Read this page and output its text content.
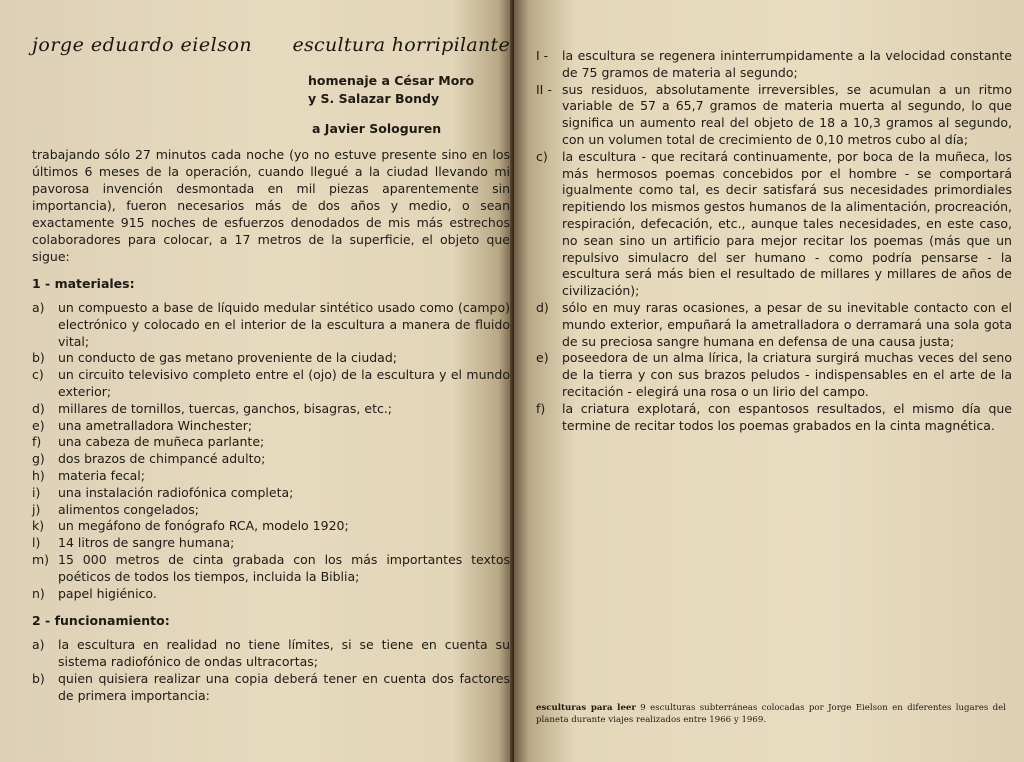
jorge eduardo eielson	escultura horripilante
homenaje a César Moro
y S. Salazar Bondy
a Javier Sologuren
trabajando sólo 27 minutos cada noche (yo no estuve presente sino en los últimos 6 meses de la operación, cuando llegué a la ciudad llevando mi pavorosa invención desmontada en mil piezas aparentemente sin importancia), fueron necesarios más de dos años y medio, o sean exactamente 915 noches de esfuerzos denodados de mis más estrechos colaboradores para colocar, a 17 metros de la superficie, el objeto que sigue:
1 - materiales:
a) un compuesto a base de líquido medular sintético usado como (campo) electrónico y colocado en el interior de la escultura a manera de fluido vital;
b) un conducto de gas metano proveniente de la ciudad;
c) un circuito televisivo completo entre el (ojo) de la escultura y el mundo exterior;
d) millares de tornillos, tuercas, ganchos, bisagras, etc.;
e) una ametralladora Winchester;
f) una cabeza de muñeca parlante;
g) dos brazos de chimpancé adulto;
h) materia fecal;
i) una instalación radiofónica completa;
j) alimentos congelados;
k) un megáfono de fonógrafo RCA, modelo 1920;
l) 14 litros de sangre humana;
m) 15 000 metros de cinta grabada con los más importantes textos poéticos de todos los tiempos, incluida la Biblia;
n) papel higiénico.
2 - funcionamiento:
a) la escultura en realidad no tiene límites, si se tiene en cuenta su sistema radiofónico de ondas ultracortas;
b) quien quisiera realizar una copia deberá tener en cuenta dos factores de primera importancia:
I - la escultura se regenera ininterrumpidamente a la velocidad constante de 75 gramos de materia al segundo;
II - sus residuos, absolutamente irreversibles, se acumulan a un ritmo variable de 57 a 65,7 gramos de materia muerta al segundo, lo que significa un aumento real del objeto de 18 a 10,3 gramos al segundo, con un volumen total de crecimiento de 0,10 metros cubo al día;
c) la escultura - que recitará continuamente, por boca de la muñeca, los más hermosos poemas concebidos por el hombre - se comportará igualmente como tal, es decir satisfará sus necesidades primordiales repitiendo los mismos gestos humanos de la alimentación, procreación, respiración, defecación, etc., aunque tales necesidades, en este caso, no sean sino un artificio para mejor recitar los poemas (más que un repulsivo simulacro del ser humano - como podría pensarse - la escultura será más bien el resultado de millares y millares de años de civilización);
d) sólo en muy raras ocasiones, a pesar de su inevitable contacto con el mundo exterior, empuñará la ametralladora o derramará una sola gota de su preciosa sangre humana en defensa de una causa justa;
e) poseedora de un alma lírica, la criatura surgirá muchas veces del seno de la tierra y con sus brazos peludos - indispensables en el arte de la recitación - elegirá una rosa o un lirio del campo.
f) la criatura explotará, con espantosos resultados, el mismo día que termine de recitar todos los poemas grabados en la cinta magnética.
esculturas para leer 9 esculturas subterráneas colocadas por Jorge Eielson en diferentes lugares del planeta durante viajes realizados entre 1966 y 1969.
